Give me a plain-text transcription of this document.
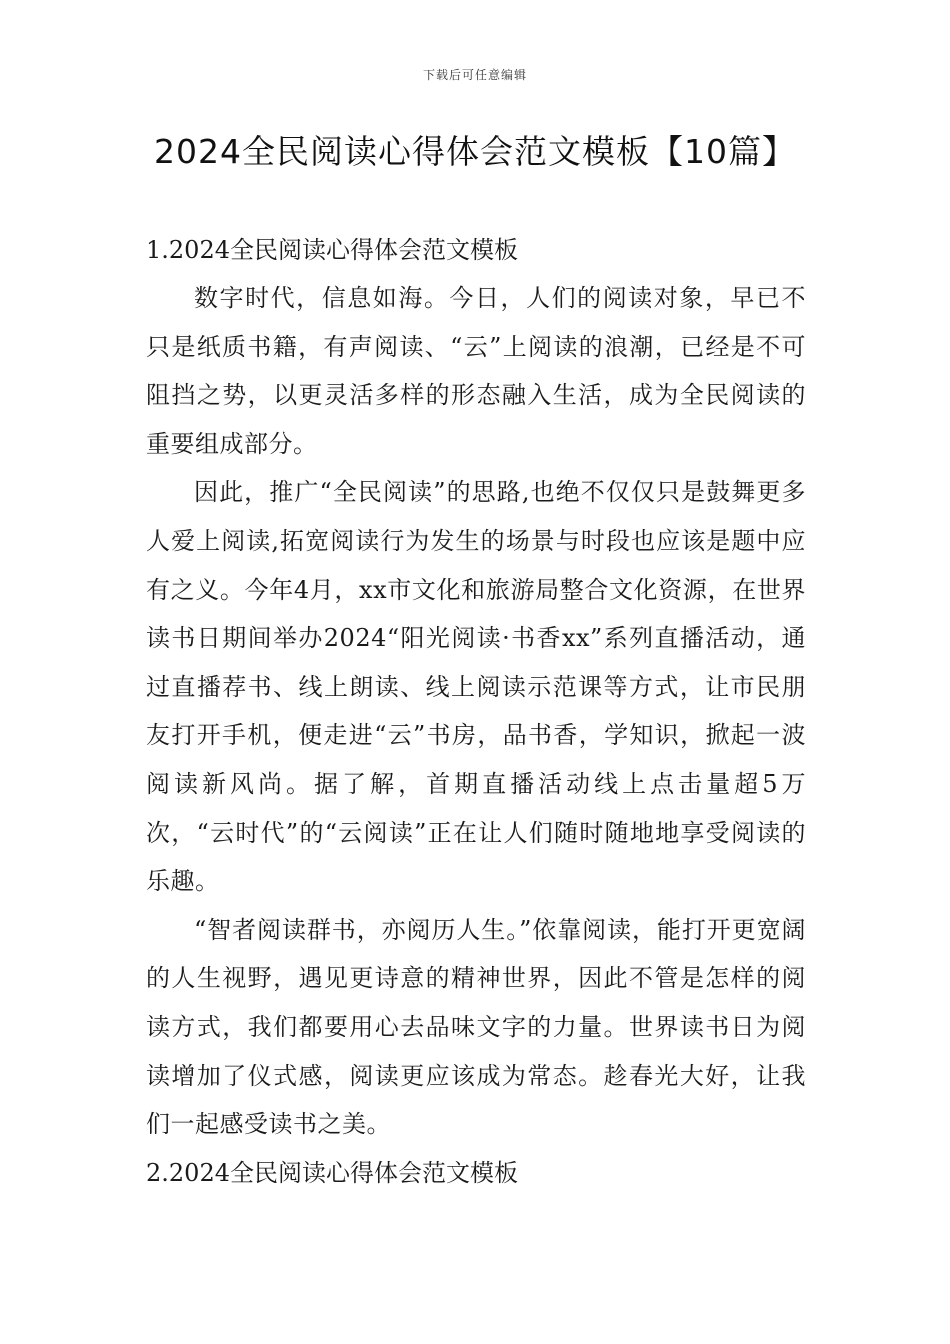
下载后可任意编辑
2024全民阅读心得体会范文模板【10篇】

1.2024全民阅读心得体会范文模板

数字时代，信息如海。今日，人们的阅读对象，早已不只是纸质书籍，有声阅读、“云”上阅读的浪潮，已经是不可阻挡之势，以更灵活多样的形态融入生活，成为全民阅读的重要组成部分。

因此，推广“全民阅读”的思路,也绝不仅仅只是鼓舞更多人爱上阅读,拓宽阅读行为发生的场景与时段也应该是题中应有之义。今年4月，xx市文化和旅游局整合文化资源，在世界读书日期间举办2024“阳光阅读·书香xx”系列直播活动，通过直播荐书、线上朗读、线上阅读示范课等方式，让市民朋友打开手机，便走进“云”书房，品书香，学知识，掀起一波阅读新风尚。据了解，首期直播活动线上点击量超5万次，“云时代”的“云阅读”正在让人们随时随地地享受阅读的乐趣。

“智者阅读群书，亦阅历人生。”依靠阅读，能打开更宽阔的人生视野，遇见更诗意的精神世界，因此不管是怎样的阅读方式，我们都要用心去品味文字的力量。世界读书日为阅读增加了仪式感，阅读更应该成为常态。趁春光大好，让我们一起感受读书之美。

2.2024全民阅读心得体会范文模板
